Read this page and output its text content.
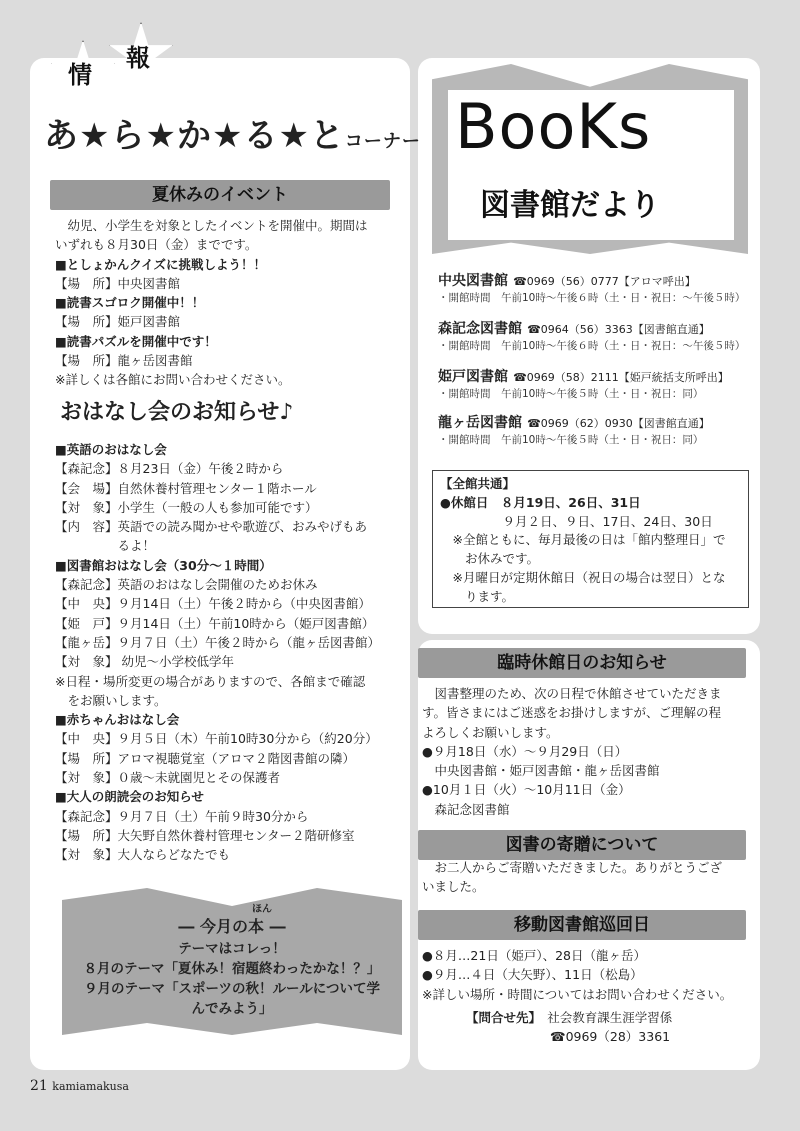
情
報
あ★ら★か★る★とコーナー
夏休みのイベント
　幼児、小学生を対象としたイベントを開催中。期間は
いずれも８月30日（金）までです。
■としょかんクイズに挑戦しよう！！
【場　所】中央図書館
■読書スゴロク開催中！！
【場　所】姫戸図書館
■読書パズルを開催中です！
【場　所】龍ヶ岳図書館
※詳しくは各館にお問い合わせください。
おはなし会のお知らせ♪
■英語のおはなし会
【森記念】８月23日（金）午後２時から
【会　場】自然休養村管理センター１階ホール
【対　象】小学生（一般の人も参加可能です）
【内　容】英語での読み聞かせや歌遊び、おみやげもあ
　　　　　るよ！
■図書館おはなし会（30分～１時間）
【森記念】英語のおはなし会開催のためお休み
【中　央】９月14日（土）午後２時から（中央図書館）
【姫　戸】９月14日（土）午前10時から（姫戸図書館）
【龍ヶ岳】９月７日（土）午後２時から（龍ヶ岳図書館）
【対　象】 幼児～小学校低学年
※日程・場所変更の場合がありますので、各館まで確認
　をお願いします。
■赤ちゃんおはなし会
【中　央】９月５日（木）午前10時30分から（約20分）
【場　所】アロマ視聴覚室（アロマ２階図書館の隣）
【対　象】０歳～未就園児とその保護者
■大人の朗読会のお知らせ
【森記念】９月７日（土）午前９時30分から
【場　所】大矢野自然休養村管理センター２階研修室
【対　象】大人ならどなたでも
ほん
― 今月の本 ―
テーマはコレっ！
８月のテーマ「夏休み！宿題終わったかな！？」
９月のテーマ「スポーツの秋！ルールについて学
んでみよう」
BooKs
図書館だより
中央図書館 ☎0969（56）0777【アロマ呼出】
・開館時間　午前10時～午後６時（土・日・祝日：～午後５時）
森記念図書館 ☎0964（56）3363【図書館直通】
・開館時間　午前10時～午後６時（土・日・祝日：～午後５時）
姫戸図書館 ☎0969（58）2111【姫戸統括支所呼出】
・開館時間　午前10時～午後５時（土・日・祝日：同）
龍ヶ岳図書館 ☎0969（62）0930【図書館直通】
・開館時間　午前10時～午後５時（土・日・祝日：同）
【全館共通】
●休館日　８月19日、26日、31日
　　　　　９月２日、９日、17日、24日、30日
　※全館ともに、毎月最後の日は「館内整理日」で
　　お休みです。
　※月曜日が定期休館日（祝日の場合は翌日）とな
　　ります。
臨時休館日のお知らせ
　図書整理のため、次の日程で休館させていただきま
す。皆さまにはご迷惑をお掛けしますが、ご理解の程
よろしくお願いします。
●９月18日（水）～９月29日（日）
　中央図書館・姫戸図書館・龍ヶ岳図書館
●10月１日（火）～10月11日（金）
　森記念図書館
図書の寄贈について
　お二人からご寄贈いただきました。ありがとうござ
いました。
移動図書館巡回日
●８月…21日（姫戸）、28日（龍ヶ岳）
●９月…４日（大矢野）、11日（松島）
※詳しい場所・時間についてはお問い合わせください。
【問合せ先】　 社会教育課生涯学習係
☎0969（28）3361
21 kamiamakusa
